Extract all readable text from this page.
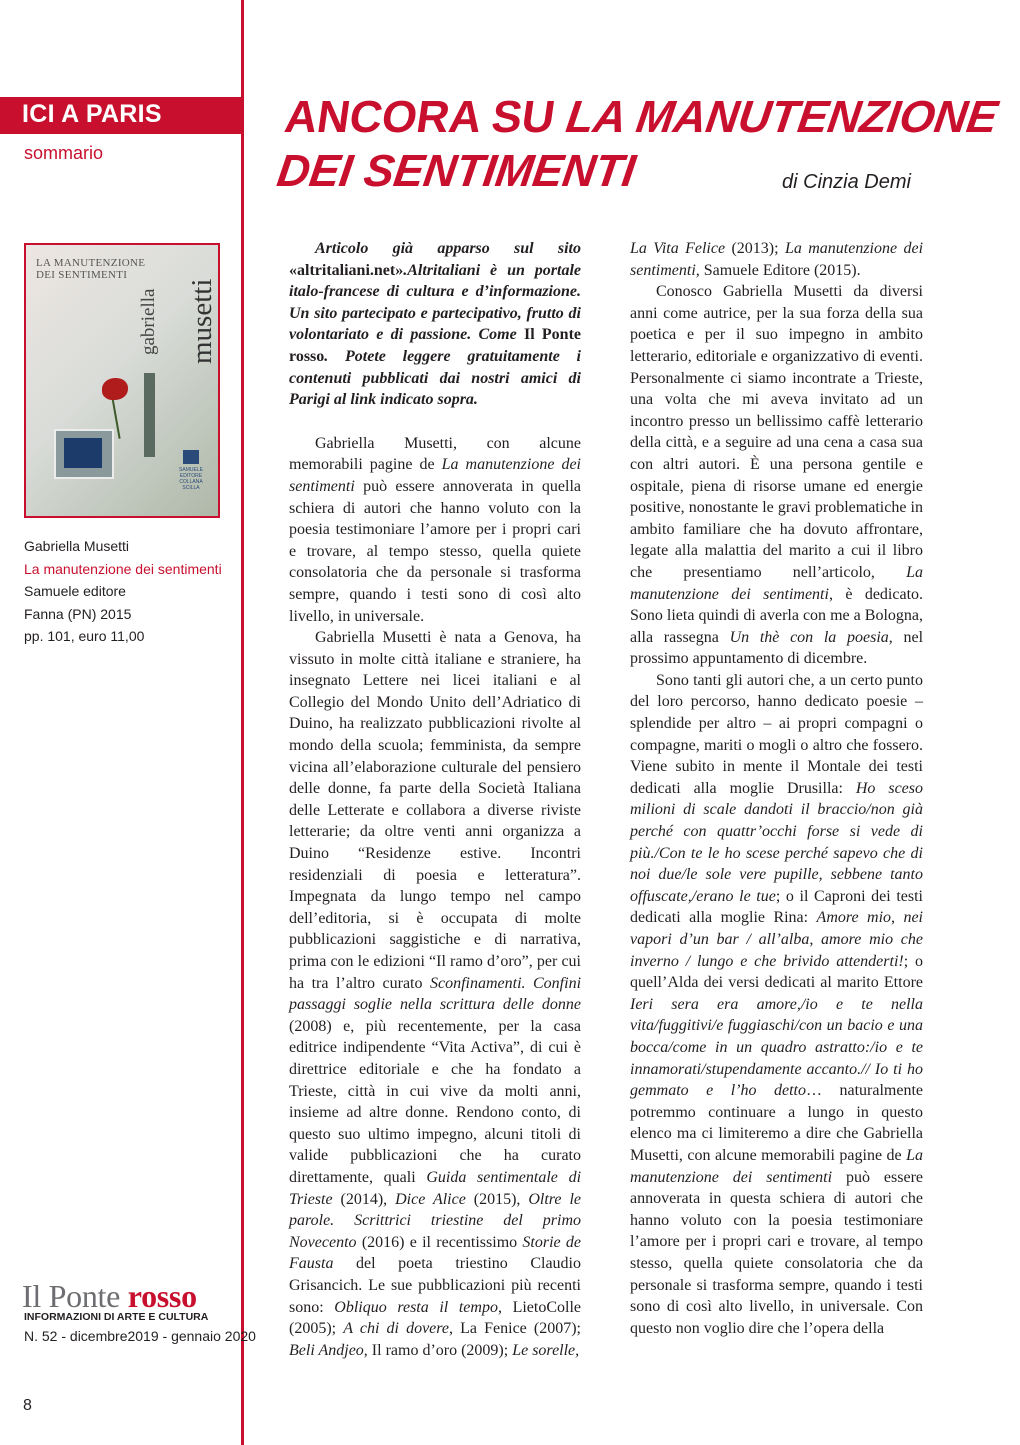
ICI A PARIS
sommario
LA MANUTENZIONE DEI SENTIMENTI
gabriella musetti
SAMUELE EDITORE
COLLANA SCILLA
Gabriella Musetti
La manutenzione dei sentimenti
Samuele editore
Fanna (PN) 2015
pp. 101, euro 11,00
Il Ponte rosso
INFORMAZIONI DI ARTE E CULTURA
N. 52 - dicembre2019 - gennaio 2020
8
ANCORA SU LA MANUTENZIONE
DEI SENTIMENTI	di Cinzia Demi

Articolo già apparso sul sito «altritaliani.net».Altritaliani è un portale italo-francese di cultura e d’informazione. Un sito partecipato e partecipativo, frutto di volontariato e di passione. Come Il Ponte rosso. Potete leggere gratuitamente i contenuti pubblicati dai nostri amici di Parigi al link indicato sopra.

Gabriella Musetti, con alcune memorabili pagine de La manutenzione dei sentimenti può essere annoverata in quella schiera di autori che hanno voluto con la poesia testimoniare l’amore per i propri cari e trovare, al tempo stesso, quella quiete consolatoria che da personale si trasforma sempre, quando i testi sono di così alto livello, in universale.

Gabriella Musetti è nata a Genova, ha vissuto in molte città italiane e straniere, ha insegnato Lettere nei licei italiani e al Collegio del Mondo Unito dell’Adriatico di Duino, ha realizzato pubblicazioni rivolte al mondo della scuola; femminista, da sempre vicina all’elaborazione culturale del pensiero delle donne, fa parte della Società Italiana delle Letterate e collabora a diverse riviste letterarie; da oltre venti anni organizza a Duino “Residenze estive. Incontri residenziali di poesia e letteratura”. Impegnata da lungo tempo nel campo dell’editoria, si è occupata di molte pubblicazioni saggistiche e di narrativa, prima con le edizioni “Il ramo d’oro”, per cui ha tra l’altro curato Sconfinamenti. Confini passaggi soglie nella scrittura delle donne (2008) e, più recentemente, per la casa editrice indipendente “Vita Activa”, di cui è direttrice editoriale e che ha fondato a Trieste, città in cui vive da molti anni, insieme ad altre donne. Rendono conto, di questo suo ultimo impegno, alcuni titoli di valide pubblicazioni che ha curato direttamente, quali Guida sentimentale di Trieste (2014), Dice Alice (2015), Oltre le parole. Scrittrici triestine del primo Novecento (2016) e il recentissimo Storie de Fausta del poeta triestino Claudio Grisancich. Le sue pubblicazioni più recenti sono: Obliquo resta il tempo, LietoColle (2005); A chi di dovere, La Fenice (2007); Beli Andjeo, Il ramo d’oro (2009); Le sorelle,

La Vita Felice (2013); La manutenzione dei sentimenti, Samuele Editore (2015).

Conosco Gabriella Musetti da diversi anni come autrice, per la sua forza della sua poetica e per il suo impegno in ambito letterario, editoriale e organizzativo di eventi. Personalmente ci siamo incontrate a Trieste, una volta che mi aveva invitato ad un incontro presso un bellissimo caffè letterario della città, e a seguire ad una cena a casa sua con altri autori. È una persona gentile e ospitale, piena di risorse umane ed energie positive, nonostante le gravi problematiche in ambito familiare che ha dovuto affrontare, legate alla malattia del marito a cui il libro che presentiamo nell’articolo, La manutenzione dei sentimenti, è dedicato. Sono lieta quindi di averla con me a Bologna, alla rassegna Un thè con la poesia, nel prossimo appuntamento di dicembre.

Sono tanti gli autori che, a un certo punto del loro percorso, hanno dedicato poesie – splendide per altro – ai propri compagni o compagne, mariti o mogli o altro che fossero. Viene subito in mente il Montale dei testi dedicati alla moglie Drusilla: Ho sceso milioni di scale dandoti il braccio/non già perché con quattr’occhi forse si vede di più./Con te le ho scese perché sapevo che di noi due/le sole vere pupille, sebbene tanto offuscate,/erano le tue; o il Caproni dei testi dedicati alla moglie Rina: Amore mio, nei vapori d’un bar / all’alba, amore mio che inverno / lungo e che brivido attenderti!; o quell’Alda dei versi dedicati al marito Ettore Ieri sera era amore,/io e te nella vita/fuggitivi/e fuggiaschi/con un bacio e una bocca/come in un quadro astratto:/io e te innamorati/stupendamente accanto.// Io ti ho gemmato e l’ho detto… naturalmente potremmo continuare a lungo in questo elenco ma ci limiteremo a dire che Gabriella Musetti, con alcune memorabili pagine de La manutenzione dei sentimenti può essere annoverata in questa schiera di autori che hanno voluto con la poesia testimoniare l’amore per i propri cari e trovare, al tempo stesso, quella quiete consolatoria che da personale si trasforma sempre, quando i testi sono di così alto livello, in universale. Con questo non voglio dire che l’opera della
